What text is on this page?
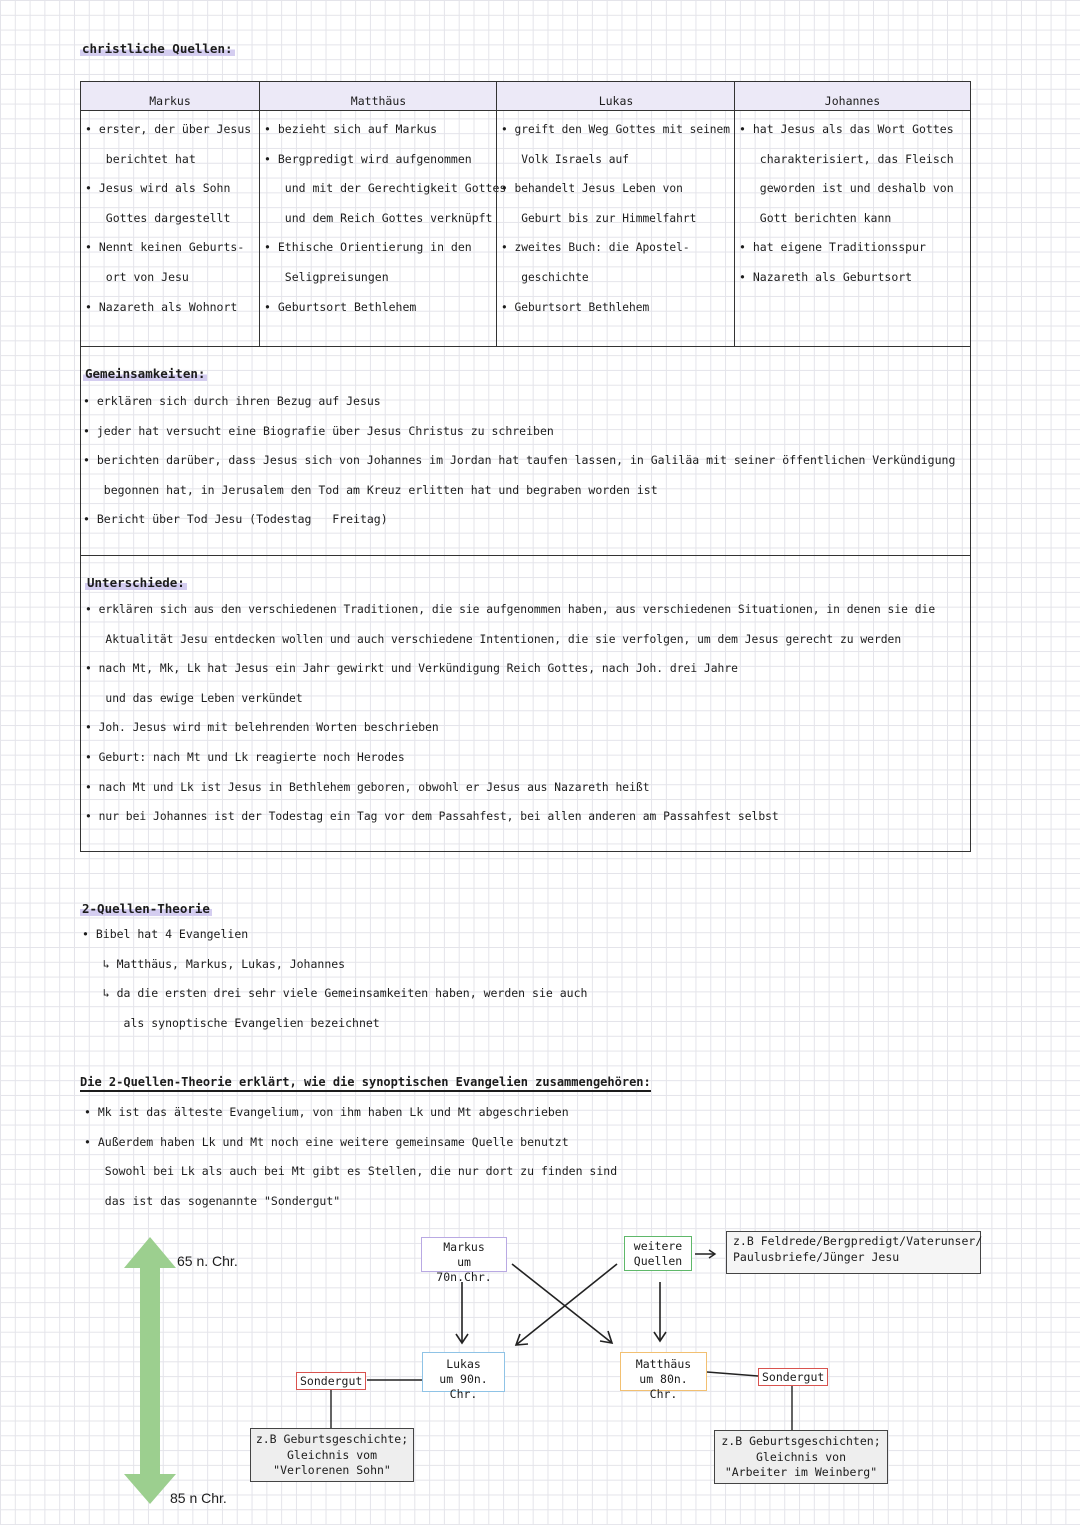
christliche Quellen:
Markus
• erster, der über Jesus
berichtet hat
• Jesus wird als Sohn
Gottes dargestellt
• Nennt keinen Geburts-
ort von Jesu
• Nazareth als Wohnort
Matthäus
• bezieht sich auf Markus
• Bergpredigt wird aufgenommen
und mit der Gerechtigkeit Gottes
und dem Reich Gottes verknüpft
• Ethische Orientierung in den
Seligpreisungen
• Geburtsort Bethlehem
Lukas
• greift den Weg Gottes mit seinem
Volk Israels auf
• behandelt Jesus Leben von
Geburt bis zur Himmelfahrt
• zweites Buch: die Apostel-
geschichte
• Geburtsort Bethlehem
Johannes
• hat Jesus als das Wort Gottes
charakterisiert, das Fleisch
geworden ist und deshalb von
Gott berichten kann
• hat eigene Traditionsspur
• Nazareth als Geburtsort
Gemeinsamkeiten:
• erklären sich durch ihren Bezug auf Jesus
• jeder hat versucht eine Biografie über Jesus Christus zu schreiben
• berichten darüber, dass Jesus sich von Johannes im Jordan hat taufen lassen, in Galiläa mit seiner öffentlichen Verkündigung
begonnen hat, in Jerusalem den Tod am Kreuz erlitten hat und begraben worden ist
• Bericht über Tod Jesu (Todestag   Freitag)
Unterschiede:
• erklären sich aus den verschiedenen Traditionen, die sie aufgenommen haben, aus verschiedenen Situationen, in denen sie die
Aktualität Jesu entdecken wollen und auch verschiedene Intentionen, die sie verfolgen, um dem Jesus gerecht zu werden
• nach Mt, Mk, Lk hat Jesus ein Jahr gewirkt und Verkündigung Reich Gottes, nach Joh. drei Jahre
und das ewige Leben verkündet
• Joh. Jesus wird mit belehrenden Worten beschrieben
• Geburt: nach Mt und Lk reagierte noch Herodes
• nach Mt und Lk ist Jesus in Bethlehem geboren, obwohl er Jesus aus Nazareth heißt
• nur bei Johannes ist der Todestag ein Tag vor dem Passahfest, bei allen anderen am Passahfest selbst
2-Quellen-Theorie
• Bibel hat 4 Evangelien
↳ Matthäus, Markus, Lukas, Johannes
↳ da die ersten drei sehr viele Gemeinsamkeiten haben, werden sie auch
als synoptische Evangelien bezeichnet
Die 2-Quellen-Theorie erklärt, wie die synoptischen Evangelien zusammengehören:
• Mk ist das älteste Evangelium, von ihm haben Lk und Mt abgeschrieben
• Außerdem haben Lk und Mt noch eine weitere gemeinsame Quelle benutzt
Sowohl bei Lk als auch bei Mt gibt es Stellen, die nur dort zu finden sind
das ist das sogenannte "Sondergut"
65 n. Chr.
85 n Chr.
Markus
um 70n.Chr.
weitere
Quellen
z.B Feldrede/Bergpredigt/Vaterunser/
Paulusbriefe/Jünger Jesu
Lukas
um 90n. Chr.
Matthäus
um 80n. Chr.
Sondergut	Sondergut
z.B Geburtsgeschichte;
Gleichnis vom
"Verlorenen Sohn"
z.B Geburtsgeschichten;
Gleichnis von
"Arbeiter im Weinberg"
